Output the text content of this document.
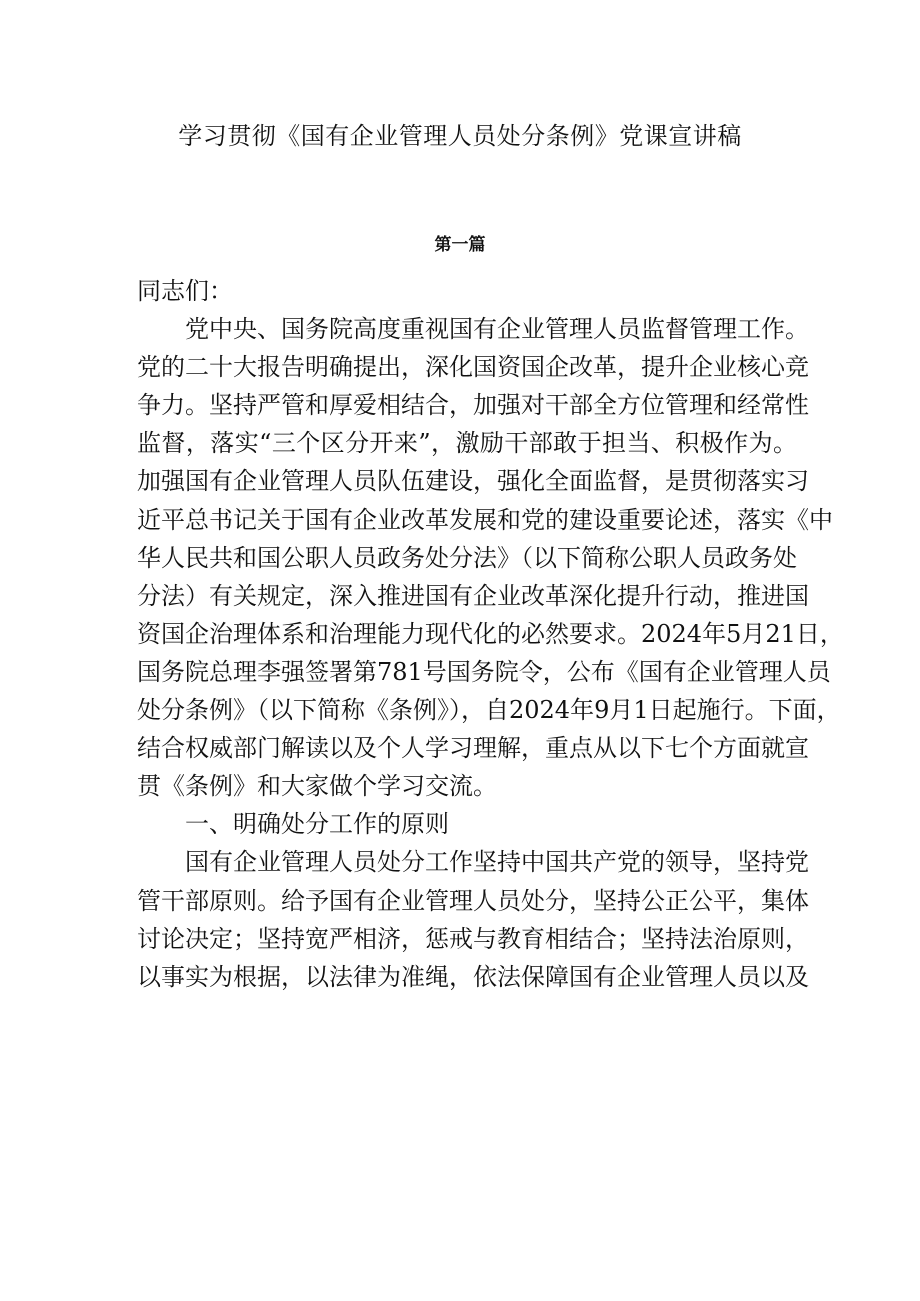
学习贯彻《国有企业管理人员处分条例》党课宣讲稿
第一篇
同志们：
党中央、国务院高度重视国有企业管理人员监督管理工作。
党的二十大报告明确提出，深化国资国企改革，提升企业核心竞
争力。坚持严管和厚爱相结合，加强对干部全方位管理和经常性
监督，落实“三个区分开来”，激励干部敢于担当、积极作为。
加强国有企业管理人员队伍建设，强化全面监督，是贯彻落实习
近平总书记关于国有企业改革发展和党的建设重要论述，落实《中
华人民共和国公职人员政务处分法》（以下简称公职人员政务处
分法）有关规定，深入推进国有企业改革深化提升行动，推进国
资国企治理体系和治理能力现代化的必然要求。2024年5月21日，
国务院总理李强签署第781号国务院令，公布《国有企业管理人员
处分条例》（以下简称《条例》），自2024年9月1日起施行。下面，
结合权威部门解读以及个人学习理解，重点从以下七个方面就宣
贯《条例》和大家做个学习交流。
一、明确处分工作的原则
国有企业管理人员处分工作坚持中国共产党的领导，坚持党
管干部原则。给予国有企业管理人员处分，坚持公正公平，集体
讨论决定；坚持宽严相济，惩戒与教育相结合；坚持法治原则，
以事实为根据，以法律为准绳，依法保障国有企业管理人员以及
